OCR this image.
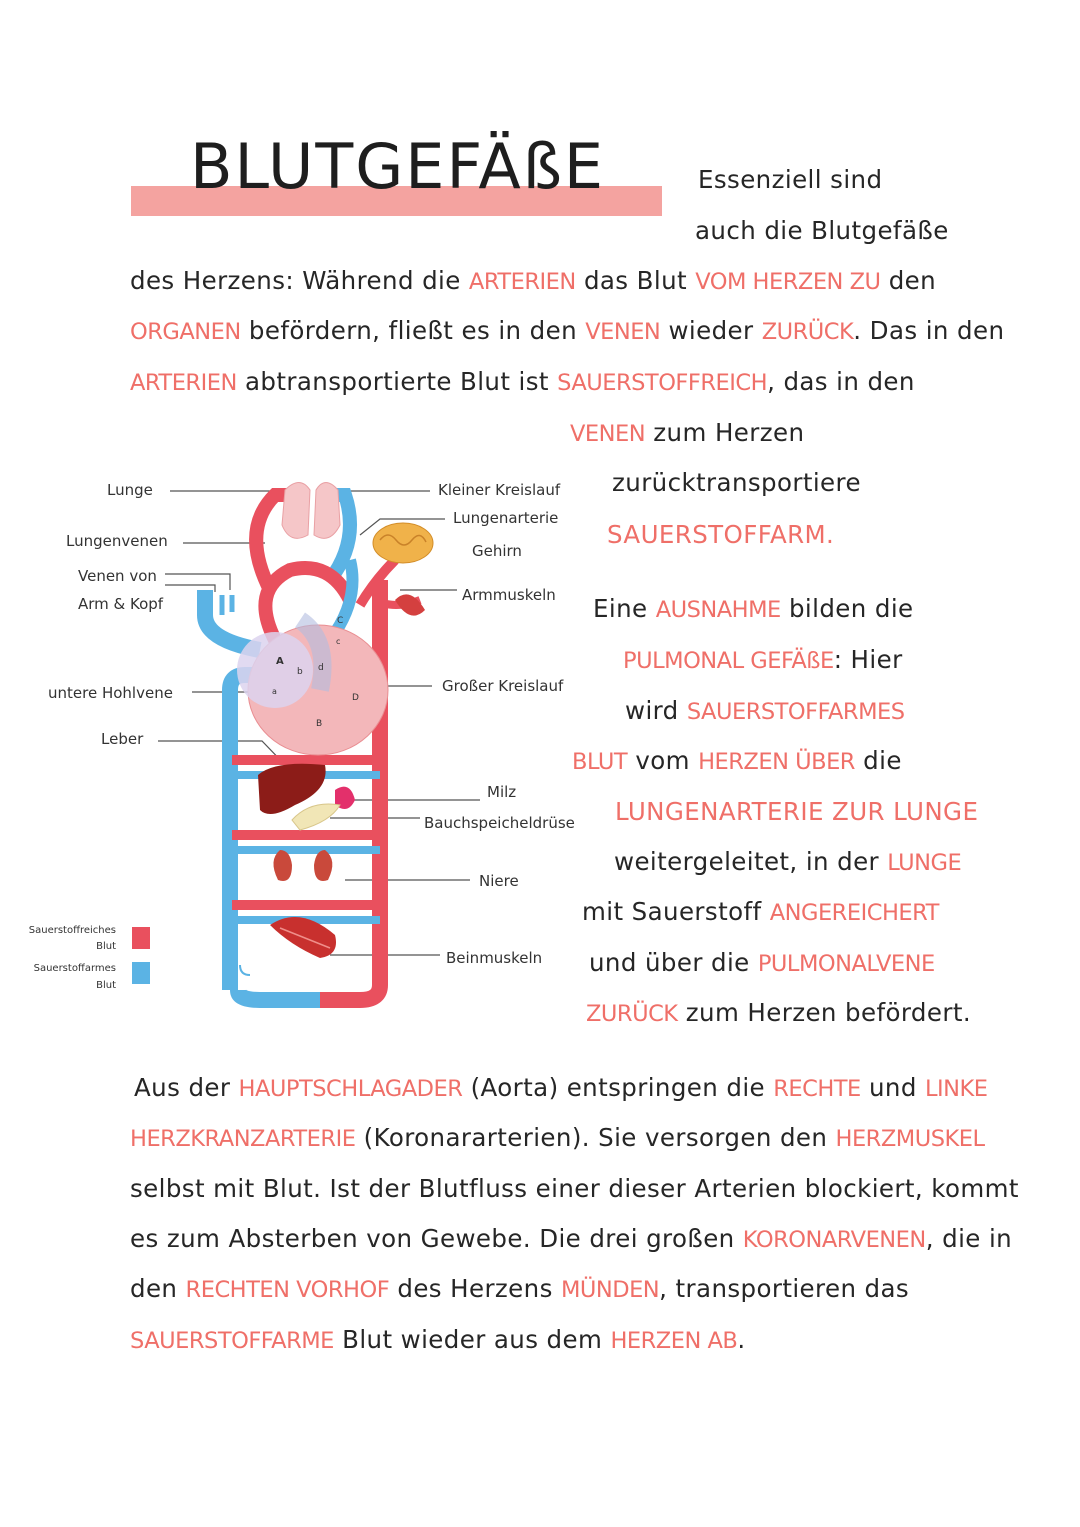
BLUTGEFÄßE	Essenziell sind
auch die Blutgefäße
des Herzens: Während die ARTERIEN das Blut VOM HERZEN ZU den
ORGANEN befördern, fließt es in den VENEN wieder ZURÜCK. Das in den
ARTERIEN abtransportierte Blut ist SAUERSTOFFREICH, das in den
VENEN zum Herzen
zurücktransportiere
SAUERSTOFFARM.
Eine AUSNAHME bilden die
PULMONAL GEFÄßE: Hier
wird SAUERSTOFFARMES
BLUT vom HERZEN ÜBER die
LUNGENARTERIE ZUR LUNGE
weitergeleitet, in der LUNGE
mit Sauerstoff ANGEREICHERT
und über die PULMONALVENE
ZURÜCK zum Herzen befördert.
Aus der HAUPTSCHLAGADER (Aorta) entspringen die RECHTE und LINKE
HERZKRANZARTERIE (Koronararterien). Sie versorgen den HERZMUSKEL
selbst mit Blut. Ist der Blutfluss einer dieser Arterien blockiert, kommt
es zum Absterben von Gewebe. Die drei großen KORONARVENEN, die in
den RECHTEN VORHOF des Herzens MÜNDEN, transportieren das
SAUERSTOFFARME Blut wieder aus dem HERZEN AB.
A
b d
C
c
a
B
D
Lunge
Lungenvenen
Venen von
Arm & Kopf
untere Hohlvene
Leber
Kleiner Kreislauf
Lungenarterie
Gehirn
Armmuskeln
Großer Kreislauf
Milz
Bauchspeicheldrüse
Niere
Beinmuskeln
Sauerstoffreiches
Blut
Sauerstoffarmes
Blut
